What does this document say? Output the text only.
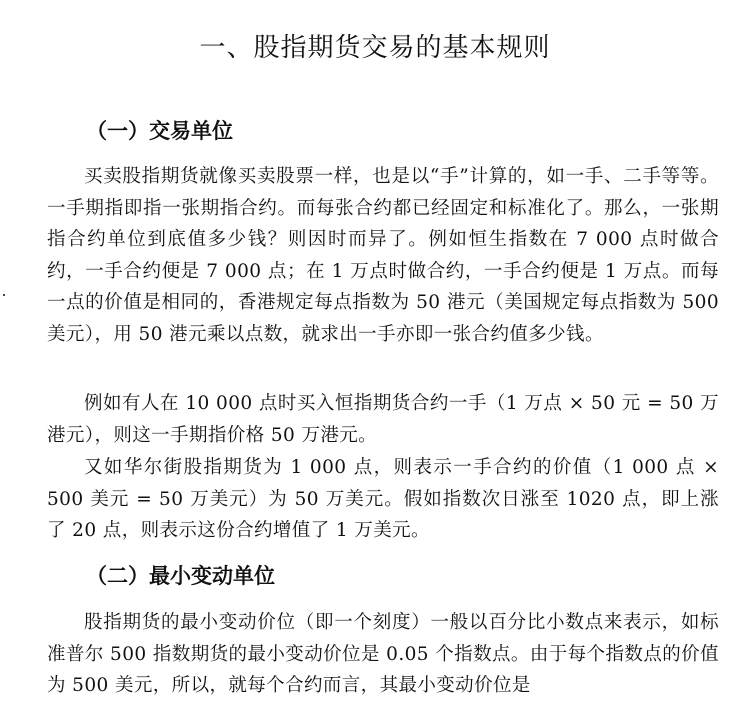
一、股指期货交易的基本规则
（一）交易单位

买卖股指期货就像买卖股票一样，也是以“手”计算的，如一手、二手等等。一手期指即指一张期指合约。而每张合约都已经固定和标准化了。那么，一张期指合约单位到底值多少钱？则因时而异了。例如恒生指数在 7 000 点时做合约，一手合约便是 7 000 点；在 1 万点时做合约，一手合约便是 1 万点。而每一点的价值是相同的，香港规定每点指数为 50 港元（美国规定每点指数为 500 美元），用 50 港元乘以点数，就求出一手亦即一张合约值多少钱。

例如有人在 10 000 点时买入恒指期货合约一手（1 万点 × 50 元 = 50 万港元），则这一手期指价格 50 万港元。

又如华尔街股指期货为 1 000 点，则表示一手合约的价值（1 000 点 × 500 美元 = 50 万美元）为 50 万美元。假如指数次日涨至 1020 点，即上涨了 20 点，则表示这份合约增值了 1 万美元。

（二）最小变动单位

股指期货的最小变动价位（即一个刻度）一般以百分比小数点来表示，如标准普尔 500 指数期货的最小变动价位是 0.05 个指数点。由于每个指数点的价值为 500 美元，所以，就每个合约而言，其最小变动价位是
